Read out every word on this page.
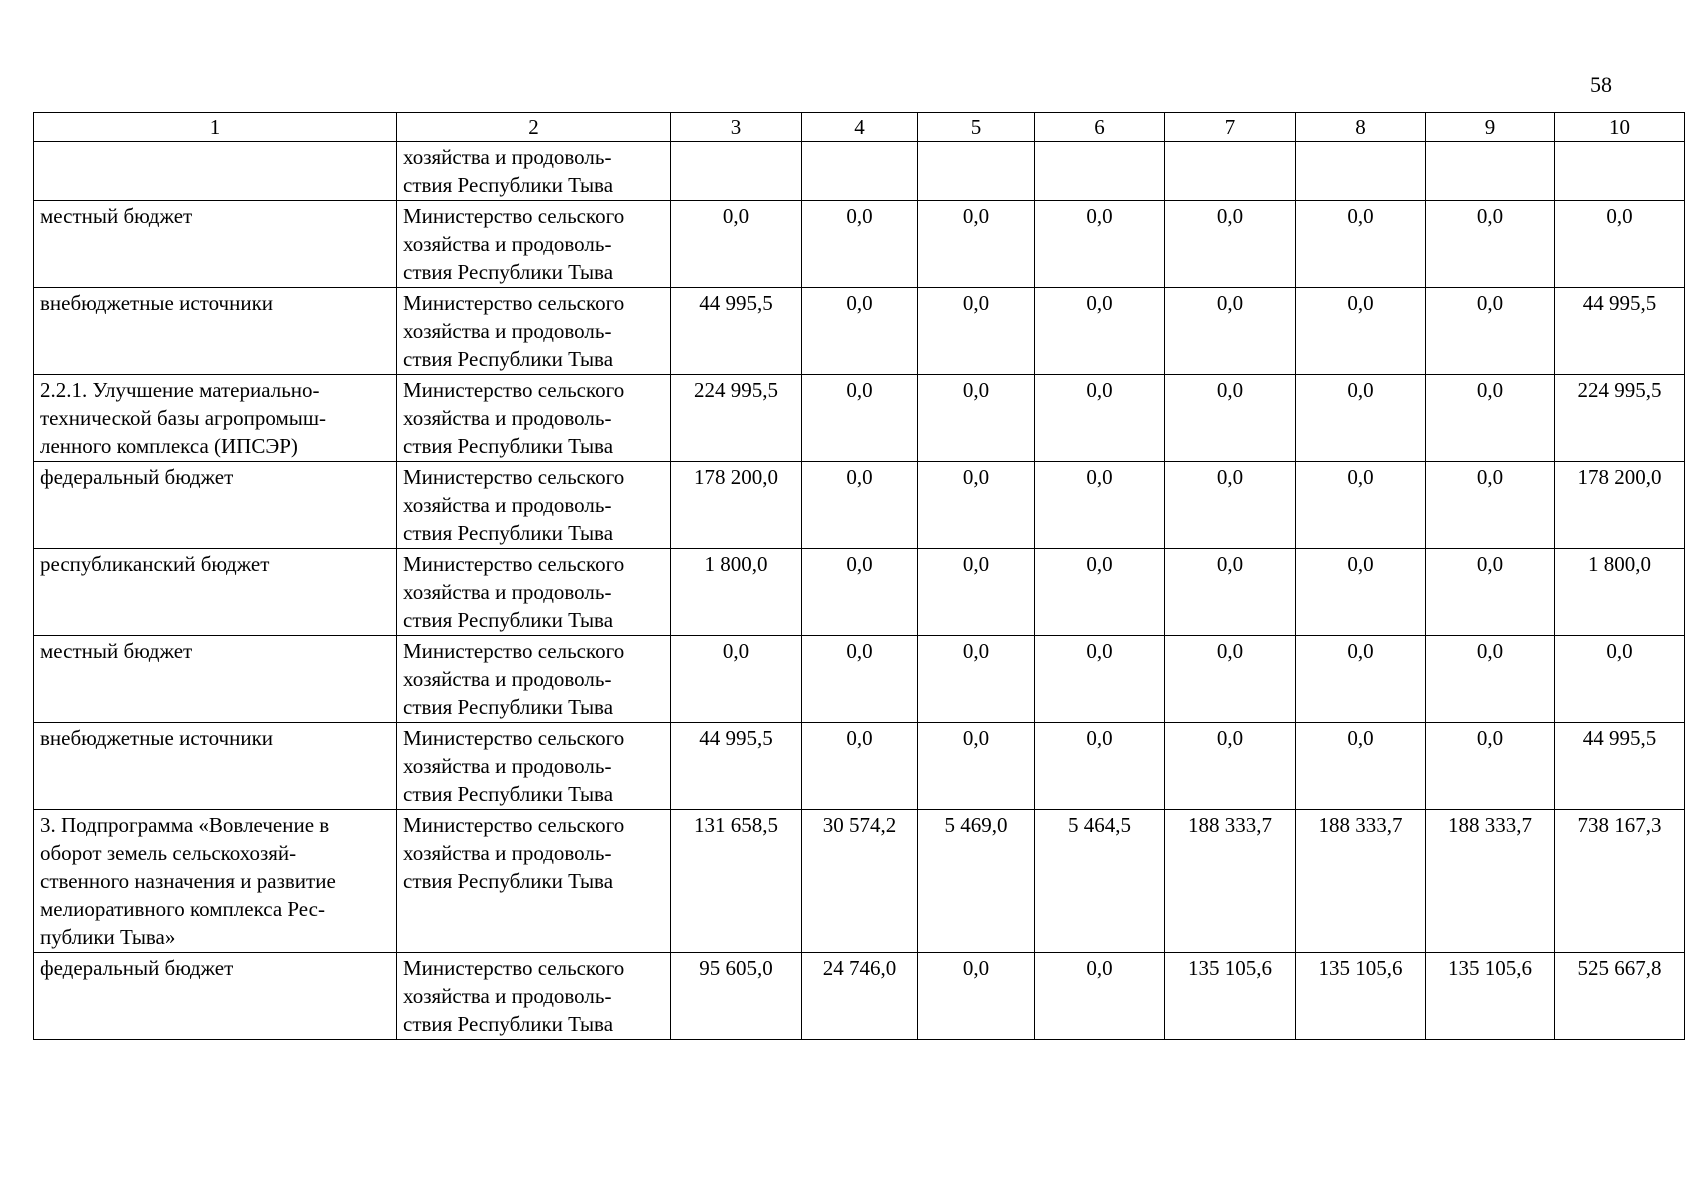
58
1	2	3	4	5	6	7	8	9	10

	хозяйства и продоволь-
ствия Республики Тыва								

местный бюджет	Министерство сельского
хозяйства и продоволь-
ствия Республики Тыва	0,0	0,0	0,0	0,0	0,0	0,0	0,0	0,0

внебюджетные источники	Министерство сельского
хозяйства и продоволь-
ствия Республики Тыва	44 995,5	0,0	0,0	0,0	0,0	0,0	0,0	44 995,5

2.2.1. Улучшение материально-
технической базы агропромыш-
ленного комплекса (ИПСЭР)	Министерство сельского
хозяйства и продоволь-
ствия Республики Тыва	224 995,5	0,0	0,0	0,0	0,0	0,0	0,0	224 995,5

федеральный бюджет	Министерство сельского
хозяйства и продоволь-
ствия Республики Тыва	178 200,0	0,0	0,0	0,0	0,0	0,0	0,0	178 200,0

республиканский бюджет	Министерство сельского
хозяйства и продоволь-
ствия Республики Тыва	1 800,0	0,0	0,0	0,0	0,0	0,0	0,0	1 800,0

местный бюджет	Министерство сельского
хозяйства и продоволь-
ствия Республики Тыва	0,0	0,0	0,0	0,0	0,0	0,0	0,0	0,0

внебюджетные источники	Министерство сельского
хозяйства и продоволь-
ствия Республики Тыва	44 995,5	0,0	0,0	0,0	0,0	0,0	0,0	44 995,5

3. Подпрограмма «Вовлечение в
оборот земель сельскохозяй-
ственного назначения и развитие
мелиоративного комплекса Рес-
публики Тыва»	Министерство сельского
хозяйства и продоволь-
ствия Республики Тыва	131 658,5	30 574,2	5 469,0	5 464,5	188 333,7	188 333,7	188 333,7	738 167,3

федеральный бюджет	Министерство сельского
хозяйства и продоволь-
ствия Республики Тыва	95 605,0	24 746,0	0,0	0,0	135 105,6	135 105,6	135 105,6	525 667,8
